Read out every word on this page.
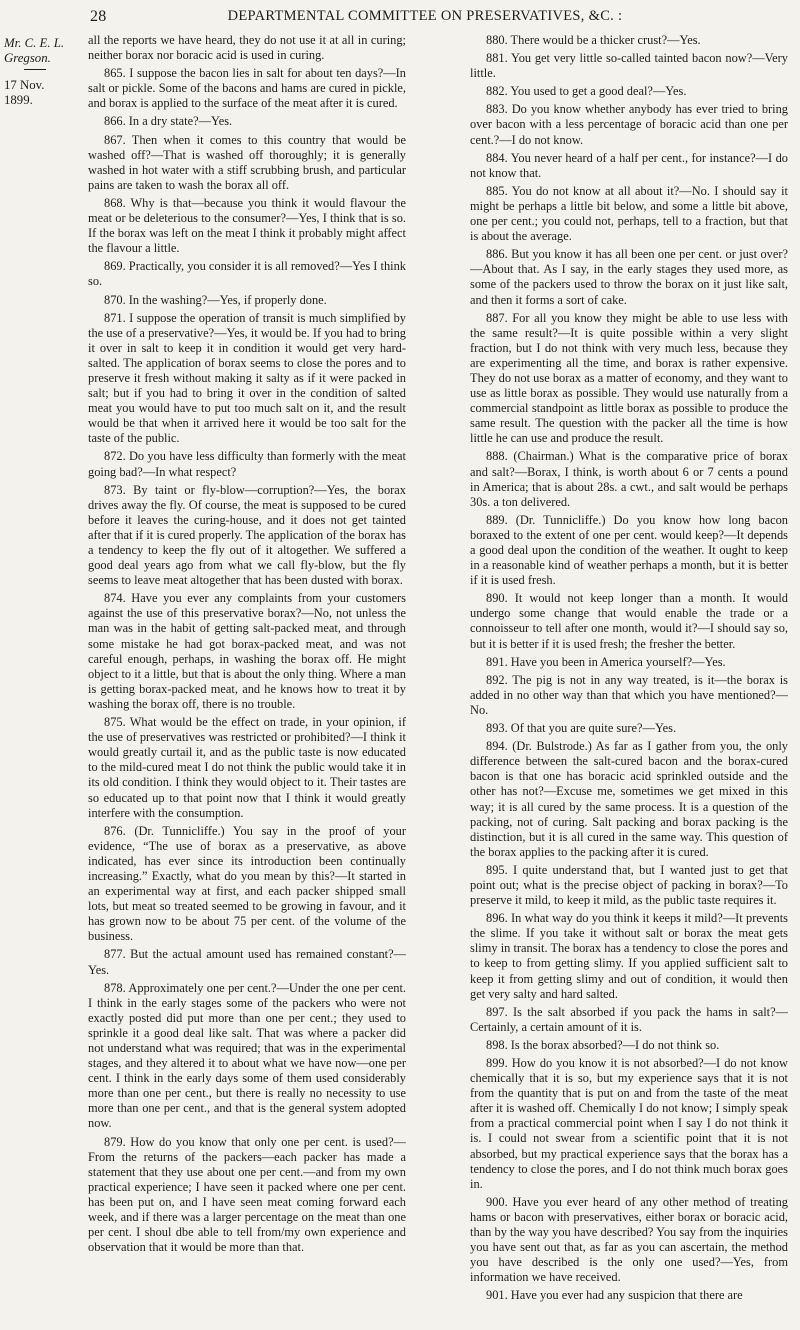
28	DEPARTMENTAL COMMITTEE ON PRESERVATIVES, &C. :
Mr. C. E. L. Gregson.
17 Nov. 1899.

all the reports we have heard, they do not use it at all in curing; neither borax nor boracic acid is used in curing.

865. I suppose the bacon lies in salt for about ten days?—In salt or pickle. Some of the bacons and hams are cured in pickle, and borax is applied to the surface of the meat after it is cured.

866. In a dry state?—Yes.

867. Then when it comes to this country that would be washed off?—That is washed off thoroughly; it is generally washed in hot water with a stiff scrubbing brush, and particular pains are taken to wash the borax all off.

868. Why is that—because you think it would flavour the meat or be deleterious to the consumer?—Yes, I think that is so. If the borax was left on the meat I think it probably might affect the flavour a little.

869. Practically, you consider it is all removed?—Yes I think so.

870. In the washing?—Yes, if properly done.

871. I suppose the operation of transit is much simplified by the use of a preservative?—Yes, it would be. If you had to bring it over in salt to keep it in condition it would get very hard-salted. The application of borax seems to close the pores and to preserve it fresh without making it salty as if it were packed in salt; but if you had to bring it over in the condition of salted meat you would have to put too much salt on it, and the result would be that when it arrived here it would be too salt for the taste of the public.

872. Do you have less difficulty than formerly with the meat going bad?—In what respect?

873. By taint or fly-blow—corruption?—Yes, the borax drives away the fly. Of course, the meat is supposed to be cured before it leaves the curing-house, and it does not get tainted after that if it is cured properly. The application of the borax has a tendency to keep the fly out of it altogether. We suffered a good deal years ago from what we call fly-blow, but the fly seems to leave meat altogether that has been dusted with borax.

874. Have you ever any complaints from your customers against the use of this preservative borax?—No, not unless the man was in the habit of getting salt-packed meat, and through some mistake he had got borax-packed meat, and was not careful enough, perhaps, in washing the borax off. He might object to it a little, but that is about the only thing. Where a man is getting borax-packed meat, and he knows how to treat it by washing the borax off, there is no trouble.

875. What would be the effect on trade, in your opinion, if the use of preservatives was restricted or prohibited?—I think it would greatly curtail it, and as the public taste is now educated to the mild-cured meat I do not think the public would take it in its old condition. I think they would object to it. Their tastes are so educated up to that point now that I think it would greatly interfere with the consumption.

876. (Dr. Tunnicliffe.) You say in the proof of your evidence, “The use of borax as a preservative, as above indicated, has ever since its introduction been continually increasing.” Exactly, what do you mean by this?—It started in an experimental way at first, and each packer shipped small lots, but meat so treated seemed to be growing in favour, and it has grown now to be about 75 per cent. of the volume of the business.

877. But the actual amount used has remained constant?—Yes.

878. Approximately one per cent.?—Under the one per cent. I think in the early stages some of the packers who were not exactly posted did put more than one per cent.; they used to sprinkle it a good deal like salt. That was where a packer did not understand what was required; that was in the experimental stages, and they altered it to about what we have now—one per cent. I think in the early days some of them used considerably more than one per cent., but there is really no necessity to use more than one per cent., and that is the general system adopted now.

879. How do you know that only one per cent. is used?—From the returns of the packers—each packer has made a statement that they use about one per cent.—and from my own practical experience; I have seen it packed where one per cent. has been put on, and I have seen meat coming forward each week, and if there was a larger percentage on the meat than one per cent. I shoul dbe able to tell from/my own experience and observation that it would be more than that.

880. There would be a thicker crust?—Yes.

881. You get very little so-called tainted bacon now?—Very little.

882. You used to get a good deal?—Yes.

883. Do you know whether anybody has ever tried to bring over bacon with a less percentage of boracic acid than one per cent.?—I do not know.

884. You never heard of a half per cent., for instance?—I do not know that.

885. You do not know at all about it?—No. I should say it might be perhaps a little bit below, and some a little bit above, one per cent.; you could not, perhaps, tell to a fraction, but that is about the average.

886. But you know it has all been one per cent. or just over?—About that. As I say, in the early stages they used more, as some of the packers used to throw the borax on it just like salt, and then it forms a sort of cake.

887. For all you know they might be able to use less with the same result?—It is quite possible within a very slight fraction, but I do not think with very much less, because they are experimenting all the time, and borax is rather expensive. They do not use borax as a matter of economy, and they want to use as little borax as possible. They would use naturally from a commercial standpoint as little borax as possible to produce the same result. The question with the packer all the time is how little he can use and produce the result.

888. (Chairman.) What is the comparative price of borax and salt?—Borax, I think, is worth about 6 or 7 cents a pound in America; that is about 28s. a cwt., and salt would be perhaps 30s. a ton delivered.

889. (Dr. Tunnicliffe.) Do you know how long bacon boraxed to the extent of one per cent. would keep?—It depends a good deal upon the condition of the weather. It ought to keep in a reasonable kind of weather perhaps a month, but it is better if it is used fresh.

890. It would not keep longer than a month. It would undergo some change that would enable the trade or a connoisseur to tell after one month, would it?—I should say so, but it is better if it is used fresh; the fresher the better.

891. Have you been in America yourself?—Yes.

892. The pig is not in any way treated, is it—the borax is added in no other way than that which you have mentioned?—No.

893. Of that you are quite sure?—Yes.

894. (Dr. Bulstrode.) As far as I gather from you, the only difference between the salt-cured bacon and the borax-cured bacon is that one has boracic acid sprinkled outside and the other has not?—Excuse me, sometimes we get mixed in this way; it is all cured by the same process. It is a question of the packing, not of curing. Salt packing and borax packing is the distinction, but it is all cured in the same way. This question of the borax applies to the packing after it is cured.

895. I quite understand that, but I wanted just to get that point out; what is the precise object of packing in borax?—To preserve it mild, to keep it mild, as the public taste requires it.

896. In what way do you think it keeps it mild?—It prevents the slime. If you take it without salt or borax the meat gets slimy in transit. The borax has a tendency to close the pores and to keep to from getting slimy. If you applied sufficient salt to keep it from getting slimy and out of condition, it would then get very salty and hard salted.

897. Is the salt absorbed if you pack the hams in salt?—Certainly, a certain amount of it is.

898. Is the borax absorbed?—I do not think so.

899. How do you know it is not absorbed?—I do not know chemically that it is so, but my experience says that it is not from the quantity that is put on and from the taste of the meat after it is washed off. Chemically I do not know; I simply speak from a practical commercial point when I say I do not think it is. I could not swear from a scientific point that it is not absorbed, but my practical experience says that the borax has a tendency to close the pores, and I do not think much borax goes in.

900. Have you ever heard of any other method of treating hams or bacon with preservatives, either borax or boracic acid, than by the way you have described? You say from the inquiries you have sent out that, as far as you can ascertain, the method you have described is the only one used?—Yes, from information we have received.

901. Have you ever had any suspicion that there are
